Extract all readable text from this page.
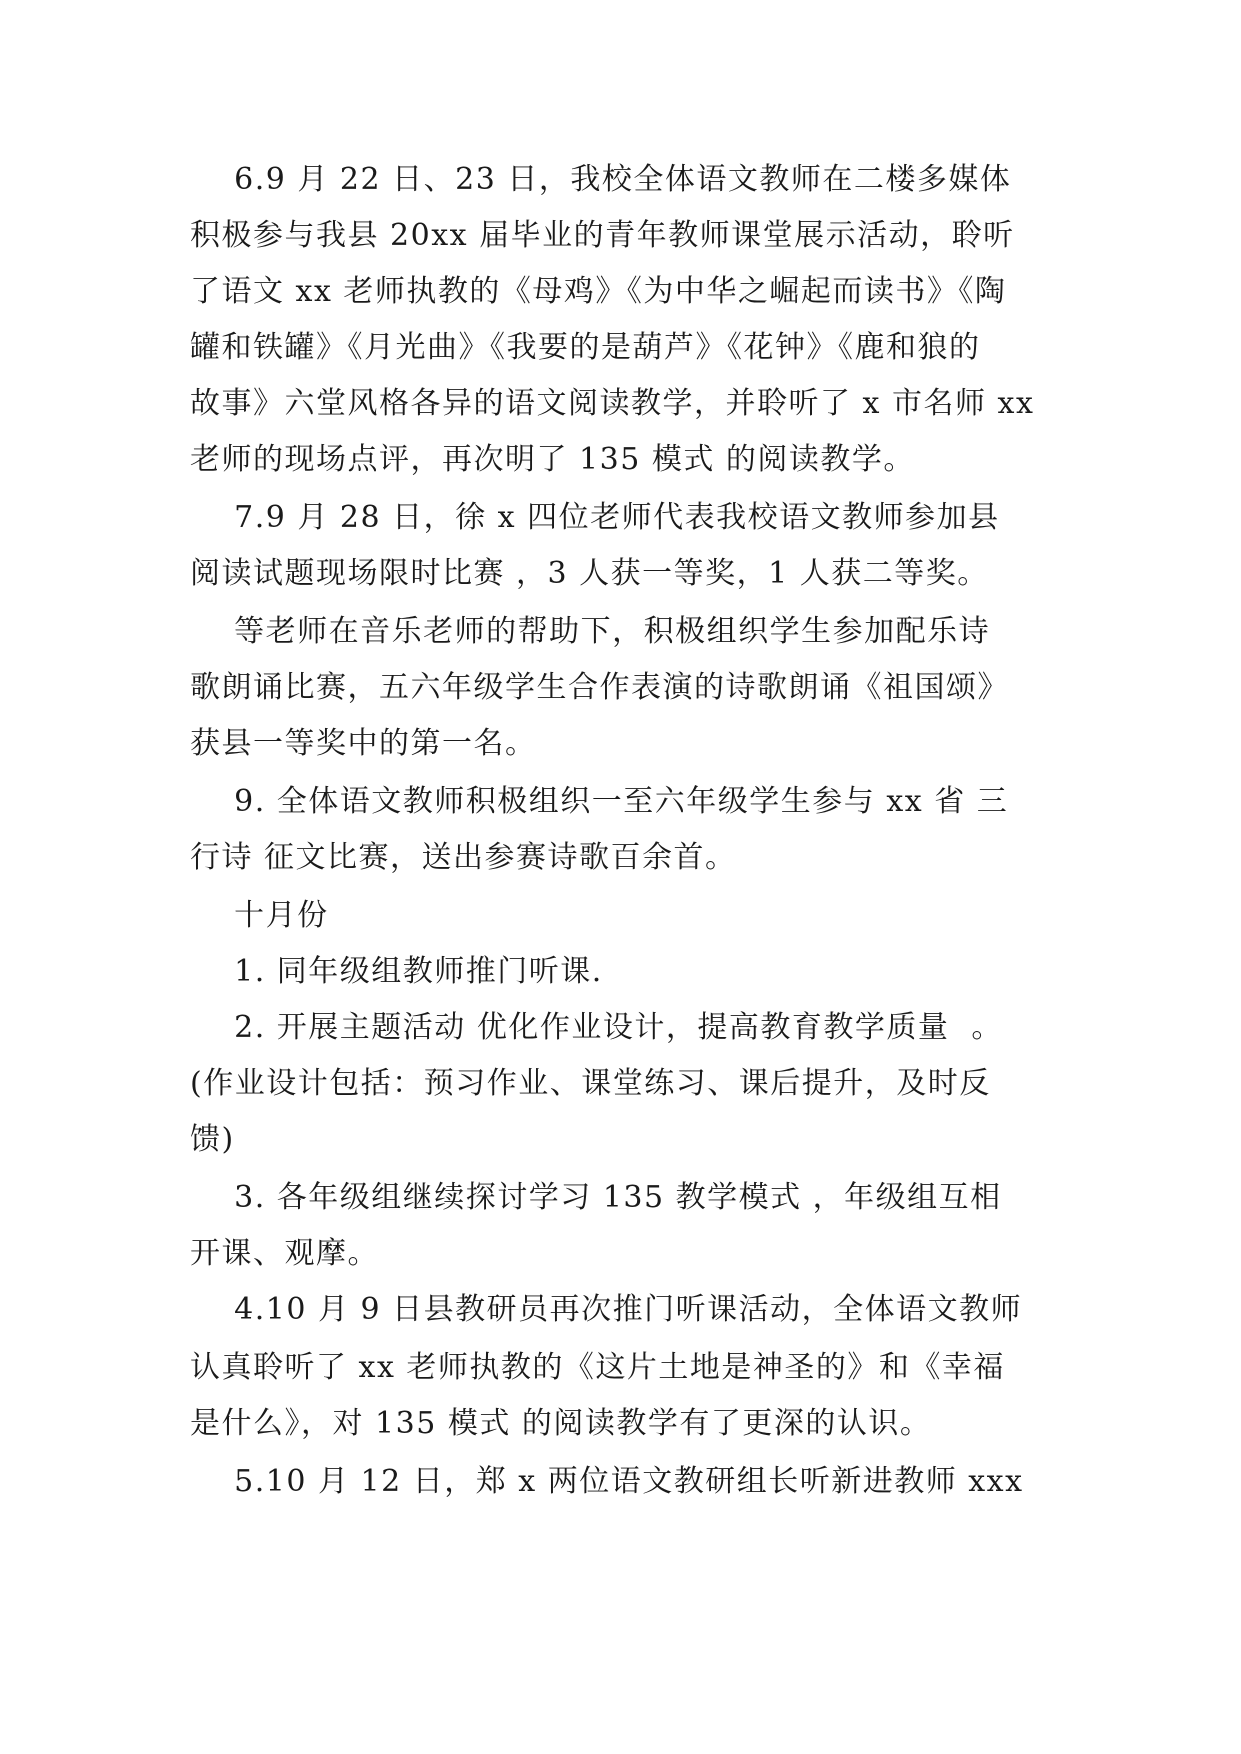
6.9 月 22 日、23 日，我校全体语文教师在二楼多媒体
积极参与我县 20xx 届毕业的青年教师课堂展示活动，聆听
了语文 xx 老师执教的《母鸡》《为中华之崛起而读书》《陶
罐和铁罐》《月光曲》《我要的是葫芦》《花钟》《鹿和狼的
故事》六堂风格各异的语文阅读教学，并聆听了 x 市名师 xx
老师的现场点评，再次明了 135 模式 的阅读教学。
7.9 月 28 日，徐 x 四位老师代表我校语文教师参加县
阅读试题现场限时比赛 ，3 人获一等奖，1 人获二等奖。
等老师在音乐老师的帮助下，积极组织学生参加配乐诗
歌朗诵比赛，五六年级学生合作表演的诗歌朗诵《祖国颂》
获县一等奖中的第一名。
9. 全体语文教师积极组织一至六年级学生参与 xx 省 三
行诗 征文比赛，送出参赛诗歌百余首。
十月份
1. 同年级组教师推门听课.
2. 开展主题活动 优化作业设计，提高教育教学质量  。
(作业设计包括：预习作业、课堂练习、课后提升，及时反
馈)
3. 各年级组继续探讨学习 135 教学模式 ，年级组互相
开课、观摩。
4.10 月 9 日县教研员再次推门听课活动，全体语文教师
认真聆听了 xx 老师执教的《这片土地是神圣的》和《幸福
是什么》，对 135 模式 的阅读教学有了更深的认识。
5.10 月 12 日，郑 x 两位语文教研组长听新进教师 xxx
